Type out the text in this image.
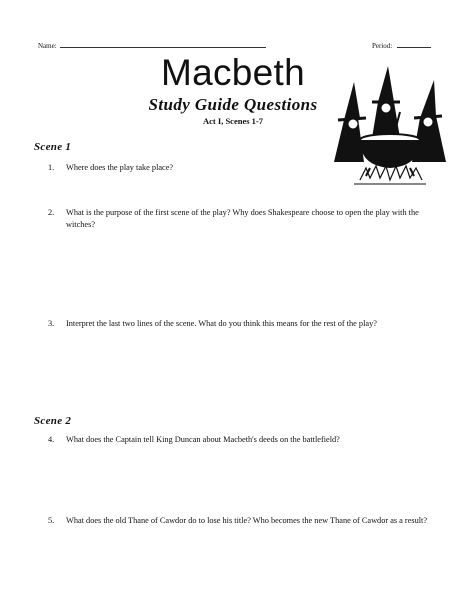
Name:	Period:
Macbeth
Study Guide Questions
Act I, Scenes 1-7
Scene 1
1. Where does the play take place?
2. What is the purpose of the first scene of the play? Why does Shakespeare choose to open the play with the witches?
3. Interpret the last two lines of the scene. What do you think this means for the rest of the play?
Scene 2
4. What does the Captain tell King Duncan about Macbeth's deeds on the battlefield?
5. What does the old Thane of Cawdor do to lose his title? Who becomes the new Thane of Cawdor as a result?
